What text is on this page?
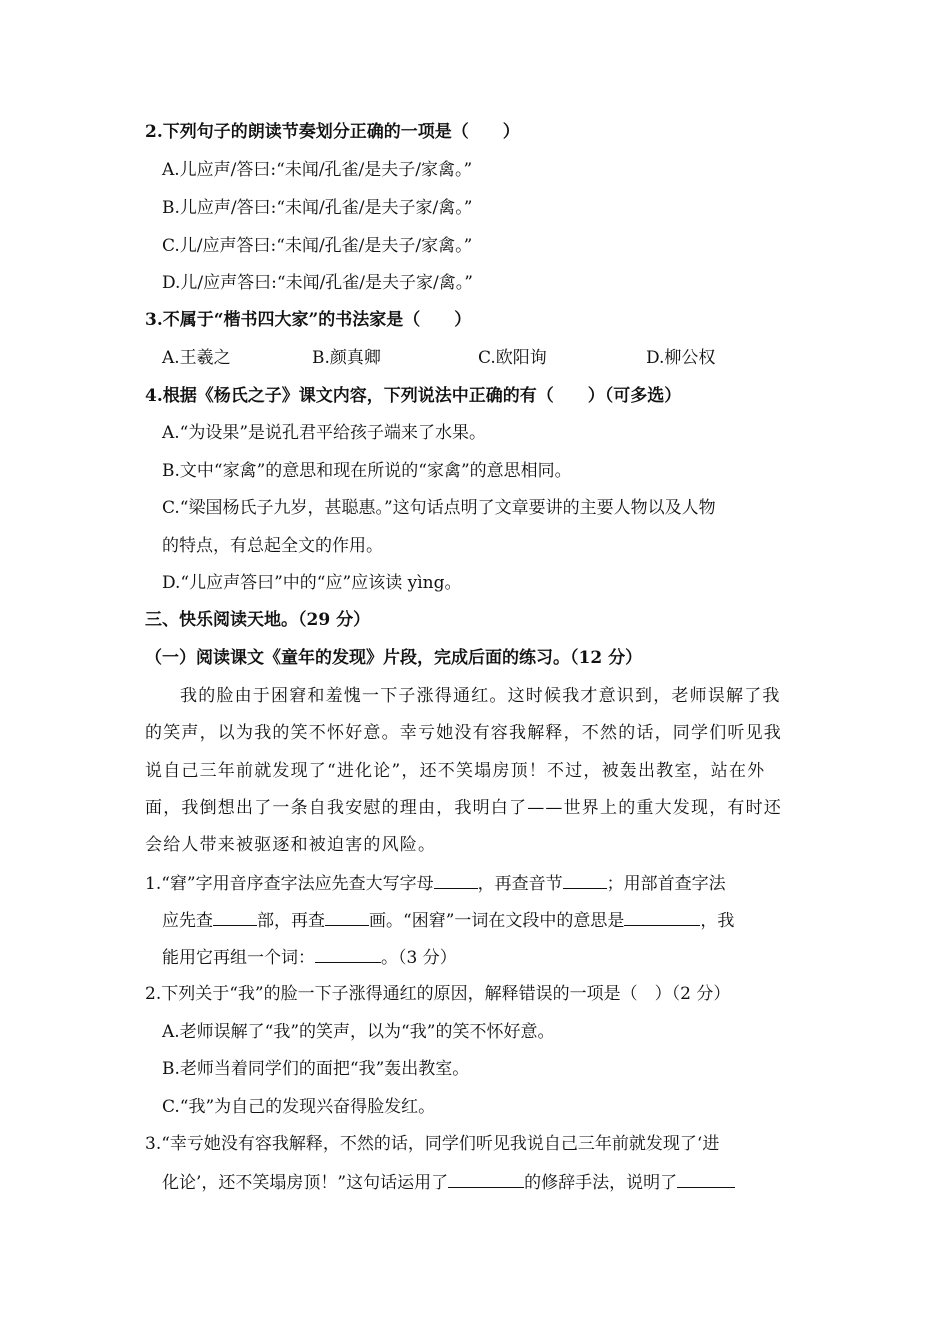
2.下列句子的朗读节奏划分正确的一项是（　　）
A.儿应声/答曰:“未闻/孔雀/是夫子/家禽。”
B.儿应声/答曰:“未闻/孔雀/是夫子家/禽。”
C.儿/应声答曰:“未闻/孔雀/是夫子/家禽。”
D.儿/应声答曰:“未闻/孔雀/是夫子家/禽。”
3.不属于“楷书四大家”的书法家是（　　）
A.王羲之	B.颜真卿	C.欧阳询	D.柳公权
4.根据《杨氏之子》课文内容，下列说法中正确的有（　　）（可多选）
A.“为设果”是说孔君平给孩子端来了水果。
B.文中“家禽”的意思和现在所说的“家禽”的意思相同。
C.“梁国杨氏子九岁，甚聪惠。”这句话点明了文章要讲的主要人物以及人物
的特点，有总起全文的作用。
D.“儿应声答曰”中的“应”应该读 yìng。
三、快乐阅读天地。（29 分）
（一）阅读课文《童年的发现》片段，完成后面的练习。（12 分）
我的脸由于困窘和羞愧一下子涨得通红。这时候我才意识到，老师误解了我
的笑声，以为我的笑不怀好意。幸亏她没有容我解释，不然的话，同学们听见我
说自己三年前就发现了“进化论”，还不笑塌房顶！不过，被轰出教室，站在外
面，我倒想出了一条自我安慰的理由，我明白了——世界上的重大发现，有时还
会给人带来被驱逐和被迫害的风险。
1.“窘”字用音序查字法应先查大写字母	，再查音节	；用部首查字法
应先查	部，再查	画。“困窘”一词在文段中的意思是	，我
能用它再组一个词：	。（3 分）
2.下列关于“我”的脸一下子涨得通红的原因，解释错误的一项是（　）（2 分）
A.老师误解了“我”的笑声，以为“我”的笑不怀好意。
B.老师当着同学们的面把“我”轰出教室。
C.“我”为自己的发现兴奋得脸发红。
3.“幸亏她没有容我解释，不然的话，同学们听见我说自己三年前就发现了‘进
化论’，还不笑塌房顶！”这句话运用了	的修辞手法，说明了
